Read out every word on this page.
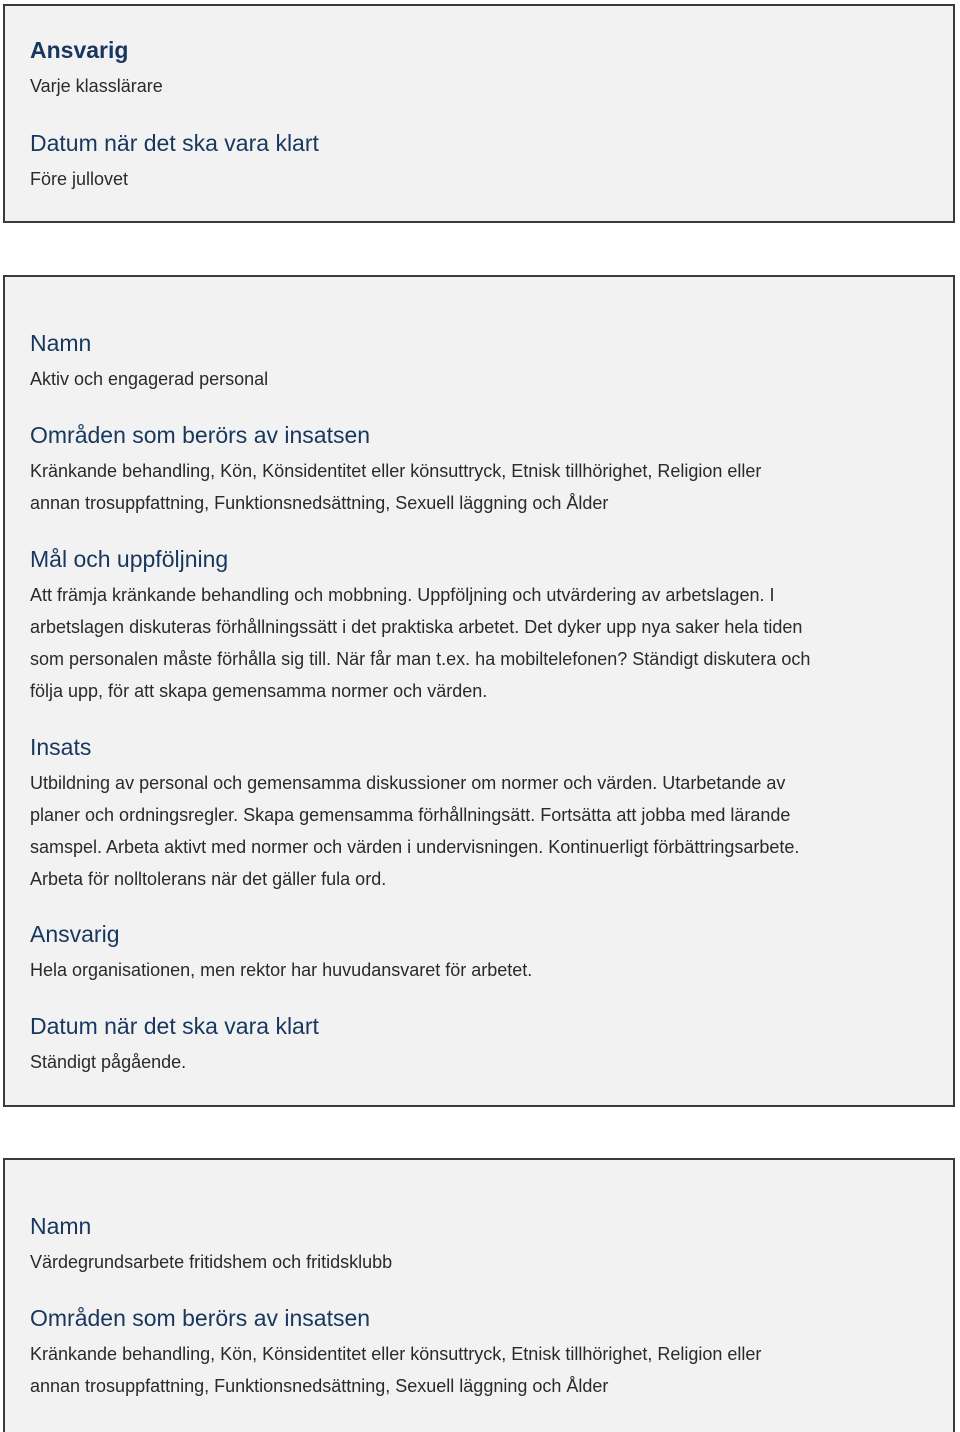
Ansvarig

Varje klasslärare

Datum när det ska vara klart

Före jullovet

Namn

Aktiv och engagerad personal

Områden som berörs av insatsen

Kränkande behandling, Kön, Könsidentitet eller könsuttryck, Etnisk tillhörighet, Religion eller

annan trosuppfattning, Funktionsnedsättning, Sexuell läggning och Ålder

Mål och uppföljning

Att främja kränkande behandling och mobbning. Uppföljning och utvärdering av arbetslagen. I

arbetslagen diskuteras förhållningssätt i det praktiska arbetet. Det dyker upp nya saker hela tiden

som personalen måste förhålla sig till. När får man t.ex. ha mobiltelefonen? Ständigt diskutera och

följa upp, för att skapa gemensamma normer och värden.

Insats

Utbildning av personal och gemensamma diskussioner om normer och värden. Utarbetande av

planer och ordningsregler. Skapa gemensamma förhållningsätt. Fortsätta att jobba med lärande

samspel. Arbeta aktivt med normer och värden i undervisningen. Kontinuerligt förbättringsarbete.

Arbeta för nolltolerans när det gäller fula ord.

Ansvarig

Hela organisationen, men rektor har huvudansvaret för arbetet.

Datum när det ska vara klart

Ständigt pågående.

Namn

Värdegrundsarbete fritidshem och fritidsklubb

Områden som berörs av insatsen

Kränkande behandling, Kön, Könsidentitet eller könsuttryck, Etnisk tillhörighet, Religion eller

annan trosuppfattning, Funktionsnedsättning, Sexuell läggning och Ålder
